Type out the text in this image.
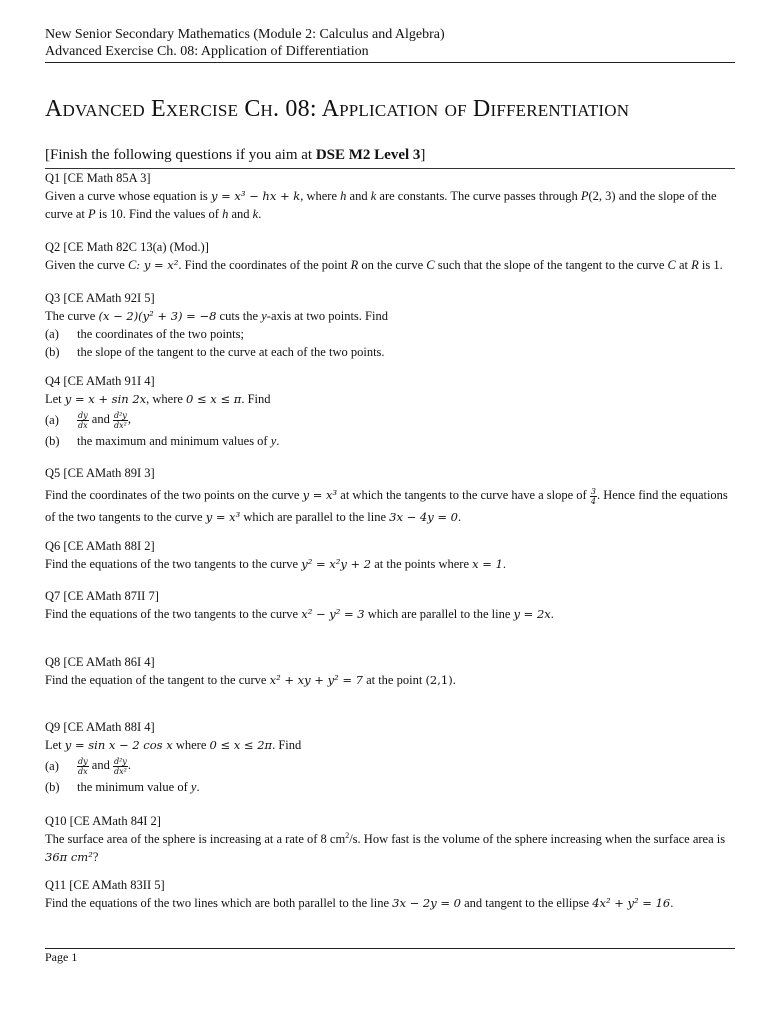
New Senior Secondary Mathematics (Module 2: Calculus and Algebra)
Advanced Exercise Ch. 08: Application of Differentiation
Advanced Exercise Ch. 08: Application of Differentiation
[Finish the following questions if you aim at DSE M2 Level 3]
Q1 [CE Math 85A 3]
Given a curve whose equation is y = x³ − hx + k, where h and k are constants. The curve passes through P(2, 3) and the slope of the
curve at P is 10. Find the values of h and k.
Q2 [CE Math 82C 13(a) (Mod.)]
Given the curve C: y = x². Find the coordinates of the point R on the curve C such that the slope of the tangent to the curve C at R is 1.
Q3 [CE AMath 92I 5]
The curve (x − 2)(y² + 3) = −8 cuts the y-axis at two points. Find
(a)	the coordinates of the two points;
(b)	the slope of the tangent to the curve at each of the two points.
Q4 [CE AMath 91I 4]
Let y = x + sin 2x, where 0 ≤ x ≤ π. Find
(a)	$\frac{dy}{dx}$ and $\frac{\text{d²y}}{\text{dx²}}$ ,
(b)	the maximum and minimum values of y.
Q5 [CE AMath 89I 3]
Find the coordinates of the two points on the curve y = x³ at which the tangents to the curve have a slope of $\frac{3}{4}$ . Hence find the equations
of the two tangents to the curve y = x³ which are parallel to the line 3x − 4y = 0.
Q6 [CE AMath 88I 2]
Find the equations of the two tangents to the curve y² = x²y + 2 at the points where x = 1.
Q7 [CE AMath 87II 7]
Find the equations of the two tangents to the curve x² − y² = 3 which are parallel to the line y = 2x.
Q8 [CE AMath 86I 4]
Find the equation of the tangent to the curve x² + xy + y² = 7 at the point (2,1).
Q9 [CE AMath 88I 4]
Let y = sin x − 2 cos x where 0 ≤ x ≤ 2π. Find
(a)	$\frac{dy}{dx}$ and $\frac{\text{d²y}}{\text{dx²}}$ .
(b)	the minimum value of y.
Q10 [CE AMath 84I 2]
The surface area of the sphere is increasing at a rate of 8 $cm^2/s$. How fast is the volume of the sphere increasing when the surface area is
36π cm²?
Q11 [CE AMath 83II 5]
Find the equations of the two lines which are both parallel to the line 3x − 2y = 0 and tangent to the ellipse 4x² + y² = 16.
Page 1
